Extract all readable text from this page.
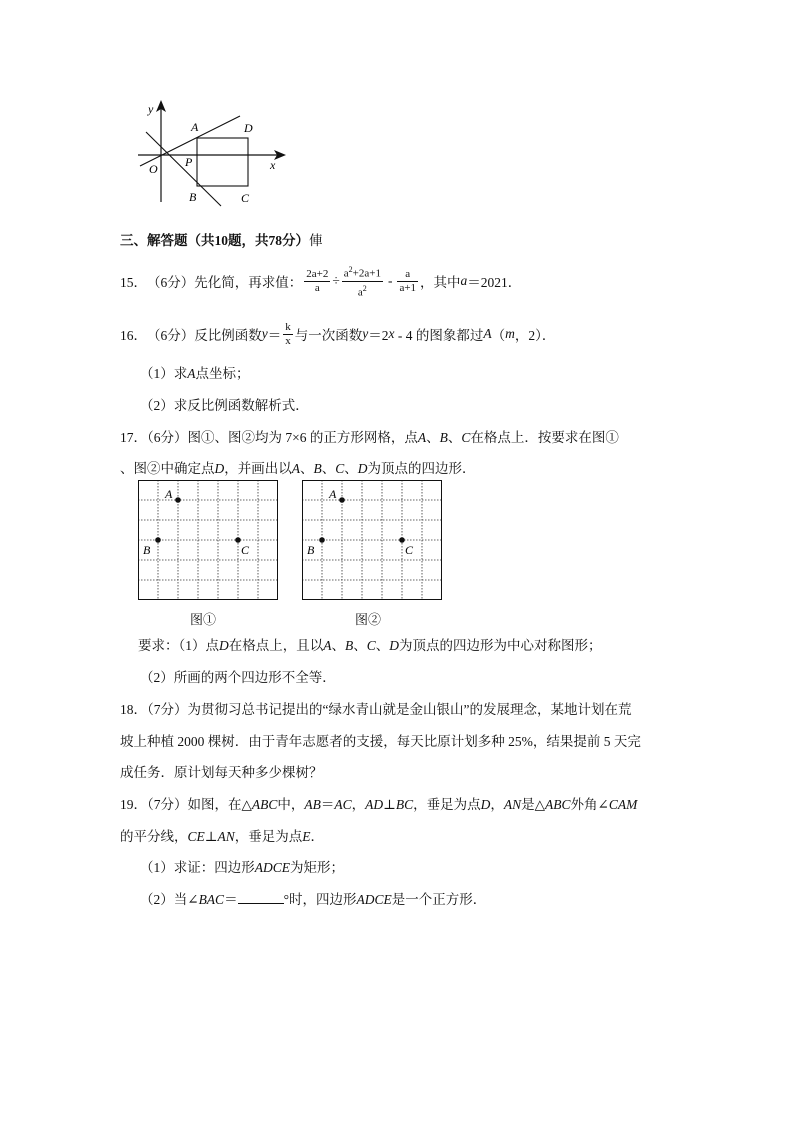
y
x
O
A	D
P
B	C
三、解答题（共10题，共78分）俥
15． （6分） 先化简，再求值： $\frac{2a+2}{a} \div \frac{a^2+2a+1}{a^2} - \frac{a}{a+1}$ ，其中 a ＝2021．
16． （6分） 反比例函数 $y = \frac{k}{x}$ 与一次函数 y ＝2 x - 4 的图象都过 A （ m ，2）．
（1）求A点坐标；
（2）求反比例函数解析式．
17．（6分）图①、图②均为 7×6 的正方形网格，点A、B、C在格点上．按要求在图①
、图②中确定点D，并画出以A、B、C、D为顶点的四边形．
A
B	C
图①
A
B	C
图②
要求：（1）点D在格点上，且以A、B、C、D为顶点的四边形为中心对称图形；
（2）所画的两个四边形不全等．
18．（7分）为贯彻习总书记提出的“绿水青山就是金山银山”的发展理念，某地计划在荒
坡上种植 2000 棵树．由于青年志愿者的支援，每天比原计划多种 25%，结果提前 5 天完
成任务．原计划每天种多少棵树？
19．（7分）如图，在△ABC中，AB＝AC，AD⊥BC，垂足为点D，AN是△ABC外角∠CAM
的平分线，CE⊥AN，垂足为点E．
（1）求证：四边形ADCE为矩形；
（2）当∠BAC＝	°时，四边形ADCE是一个正方形．
